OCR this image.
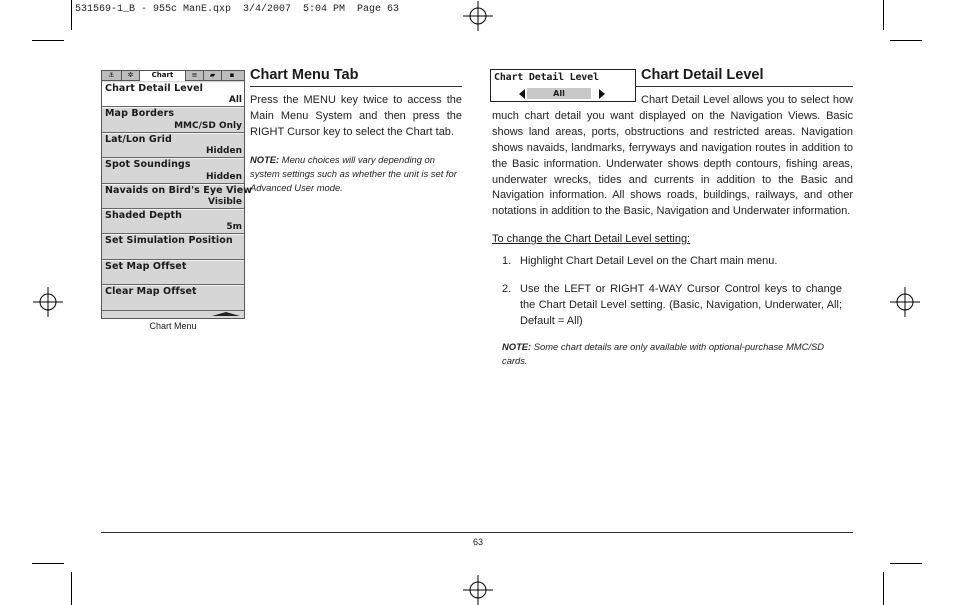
531569-1_B - 955c ManE.qxp  3/4/2007  5:04 PM  Page 63
⚓	✲	Chart	≡	▰	▪
Chart Detail Level
All
Map Borders
MMC/SD Only
Lat/Lon Grid
Hidden
Spot Soundings
Hidden
Navaids on Bird's Eye View
Visible
Shaded Depth
5m
Set Simulation Position
Set Map Offset
Clear Map Offset
Chart Menu
Chart Menu Tab
Press the MENU key twice to access the Main Menu System and then press the RIGHT Cursor key to select the Chart tab.
NOTE: Menu choices will vary depending on system settings such as whether the unit is set for Advanced User mode.
Chart Detail Level
All
Chart Detail Level
Chart Detail Level allows you to select how much chart detail you want displayed on the Navigation Views. Basic shows land areas, ports, obstructions and restricted areas. Navigation shows navaids, landmarks, ferryways and navigation routes in addition to the Basic information. Underwater shows depth contours, fishing areas, underwater wrecks, tides and currents in addition to the Basic and Navigation information. All shows roads, buildings, railways, and other notations in addition to the Basic, Navigation and Underwater information.
To change the Chart Detail Level setting:
1. Highlight Chart Detail Level on the Chart main menu.
2. Use the LEFT or RIGHT 4-WAY Cursor Control keys to change the Chart Detail Level setting. (Basic, Navigation, Underwater, All; Default = All)
NOTE: Some chart details are only available with optional-purchase MMC/SD cards.
63
